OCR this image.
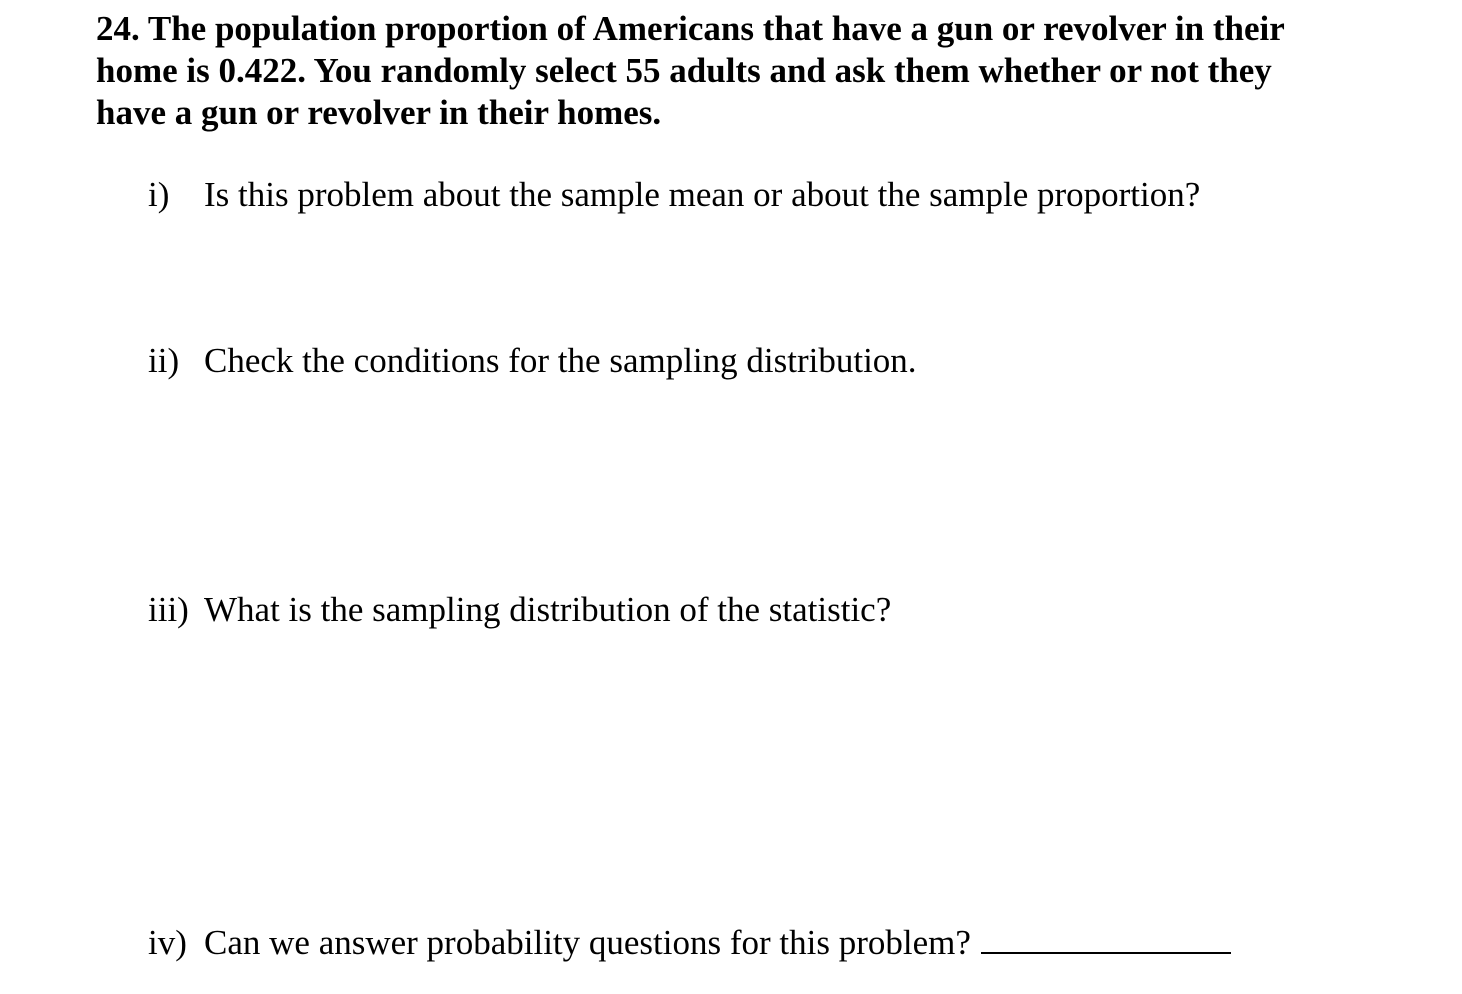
24. The population proportion of Americans that have a gun or revolver in their
home is 0.422. You randomly select 55 adults and ask them whether or not they
have a gun or revolver in their homes.
i) Is this problem about the sample mean or about the sample proportion?
ii) Check the conditions for the sampling distribution.
iii) What is the sampling distribution of the statistic?
iv) Can we answer probability questions for this problem?
